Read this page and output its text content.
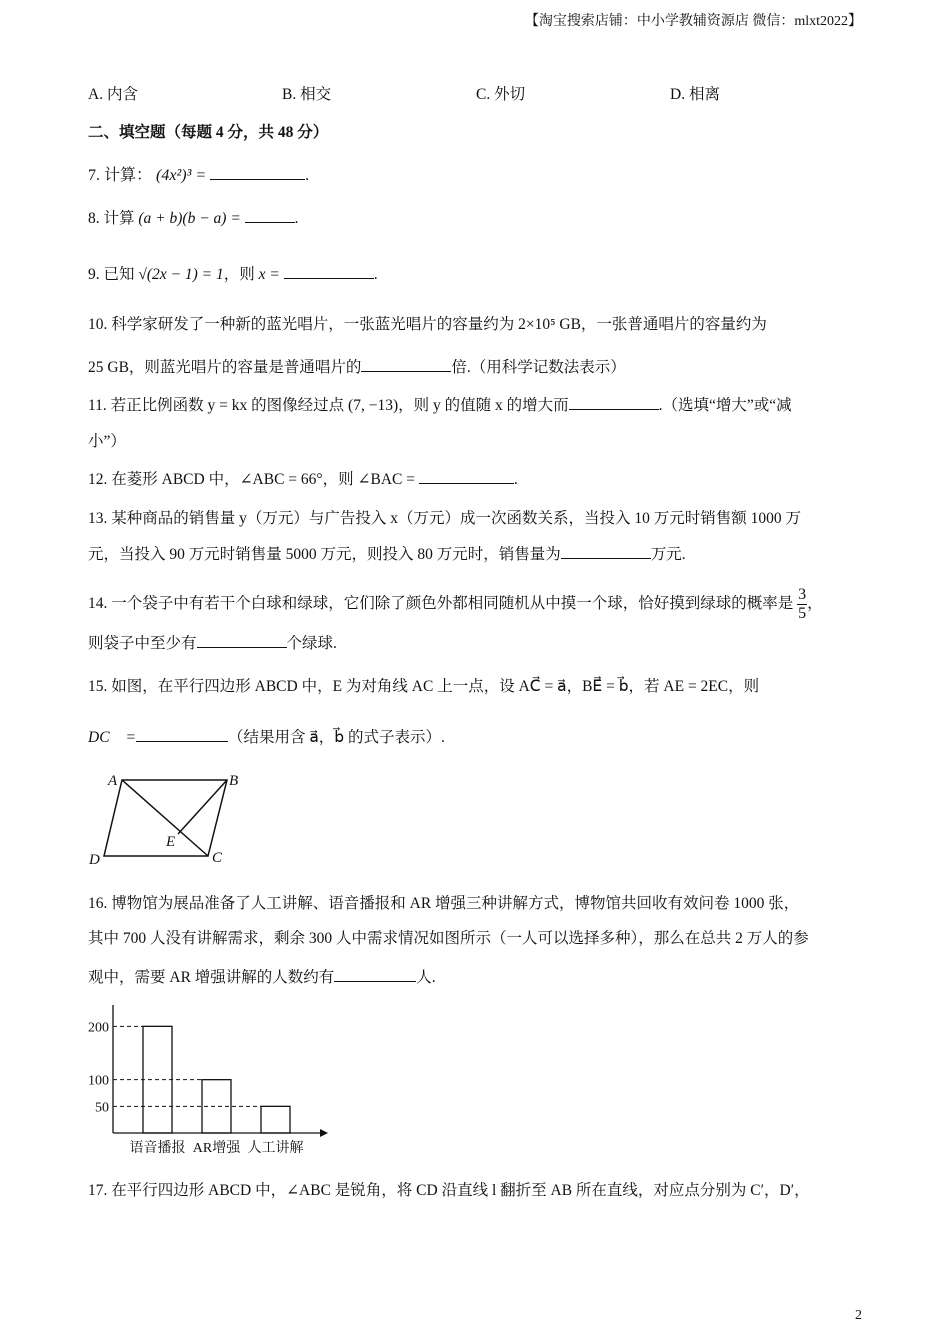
【淘宝搜索店铺：中小学教辅资源店 微信：mlxt2022】
A. 内含	B. 相交	C. 外切	D. 相离
二、填空题（每题 4 分，共 48 分）
7. 计算： (4x²)³ =	.
8. 计算 (a + b)(b − a) =	.
9. 已知 √(2x − 1) = 1，则 x =	.
10. 科学家研发了一种新的蓝光唱片，一张蓝光唱片的容量约为 2×10⁵ GB，一张普通唱片的容量约为
25 GB，则蓝光唱片的容量是普通唱片的	倍.（用科学记数法表示）
11. 若正比例函数 y = kx 的图像经过点 (7, −13)，则 y 的值随 x 的增大而	.（选填“增大”或“减
小”）
12. 在菱形 ABCD 中，∠ABC = 66°，则 ∠BAC =	.
13. 某种商品的销售量 y（万元）与广告投入 x（万元）成一次函数关系，当投入 10 万元时销售额 1000 万
元，当投入 90 万元时销售量 5000 万元，则投入 80 万元时，销售量为	万元.
14. 一个袋子中有若干个白球和绿球，它们除了颜色外都相同随机从中摸一个球，恰好摸到绿球的概率是 $\frac{3}{5}$ ，
则袋子中至少有	个绿球.
15. 如图，在平行四边形 ABCD 中，E 为对角线 AC 上一点，设 AC⃗ = a⃗，BE⃗ = b⃗，若 AE = 2EC，则
DC⃗ =	（结果用含 a⃗，b⃗ 的式子表示）.
A	B
C
D
E
16. 博物馆为展品准备了人工讲解、语音播报和 AR 增强三种讲解方式，博物馆共回收有效问卷 1000 张，
其中 700 人没有讲解需求，剩余 300 人中需求情况如图所示（一人可以选择多种），那么在总共 2 万人的参
观中，需要 AR 增强讲解的人数约有	人.
语音播报 AR增强 人工讲解
50
100
200
17. 在平行四边形 ABCD 中，∠ABC 是锐角，将 CD 沿直线 l 翻折至 AB 所在直线，对应点分别为 C′，D′，
2
